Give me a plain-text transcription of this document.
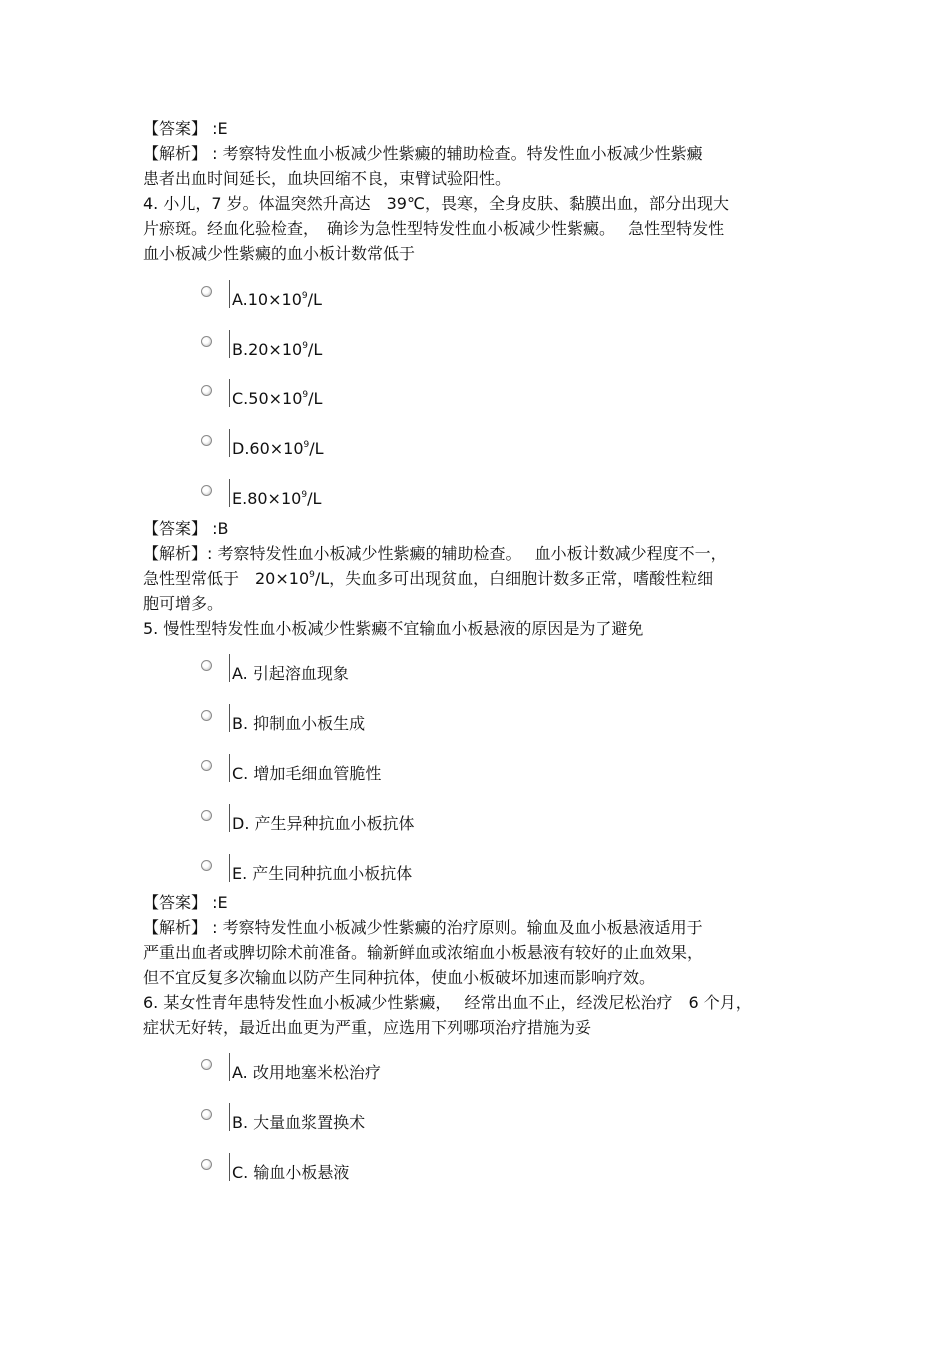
【答案】 :E
【解析】 : 考察特发性血小板减少性紫癜的辅助检查。特发性血小板减少性紫癜
患者出血时间延长，血块回缩不良，束臂试验阳性。
4. 小儿，7 岁。体温突然升高达　39℃，畏寒，全身皮肤、黏膜出血，部分出现大
片瘀斑。经血化验检查，　确诊为急性型特发性血小板减少性紫癜。　 急性型特发性
血小板减少性紫癜的血小板计数常低于
$A.10\times 10^9/L$
$B.20\times 10^9/L$
$C.50\times 10^9/L$
$D.60\times 10^9/L$
$E.80\times 10^9/L$
【答案】 :B
【解析】: 考察特发性血小板减少性紫癜的辅助检查。　 血小板计数减少程度不一，
急性型常低于　$20\times 10^9/L$，失血多可出现贫血，白细胞计数多正常，嗜酸性粒细
胞可增多。
5. 慢性型特发性血小板减少性紫癜不宜输血小板悬液的原因是为了避免
A. 引起溶血现象
B. 抑制血小板生成
C. 增加毛细血管脆性
D. 产生异种抗血小板抗体
E. 产生同种抗血小板抗体
【答案】 :E
【解析】 : 考察特发性血小板减少性紫癜的治疗原则。输血及血小板悬液适用于
严重出血者或脾切除术前准备。输新鲜血或浓缩血小板悬液有较好的止血效果，
但不宜反复多次输血以防产生同种抗体，使血小板破坏加速而影响疗效。
6. 某女性青年患特发性血小板减少性紫癜，　 经常出血不止，经泼尼松治疗　6 个月，
症状无好转，最近出血更为严重，应选用下列哪项治疗措施为妥
A. 改用地塞米松治疗
B. 大量血浆置换术
C. 输血小板悬液
